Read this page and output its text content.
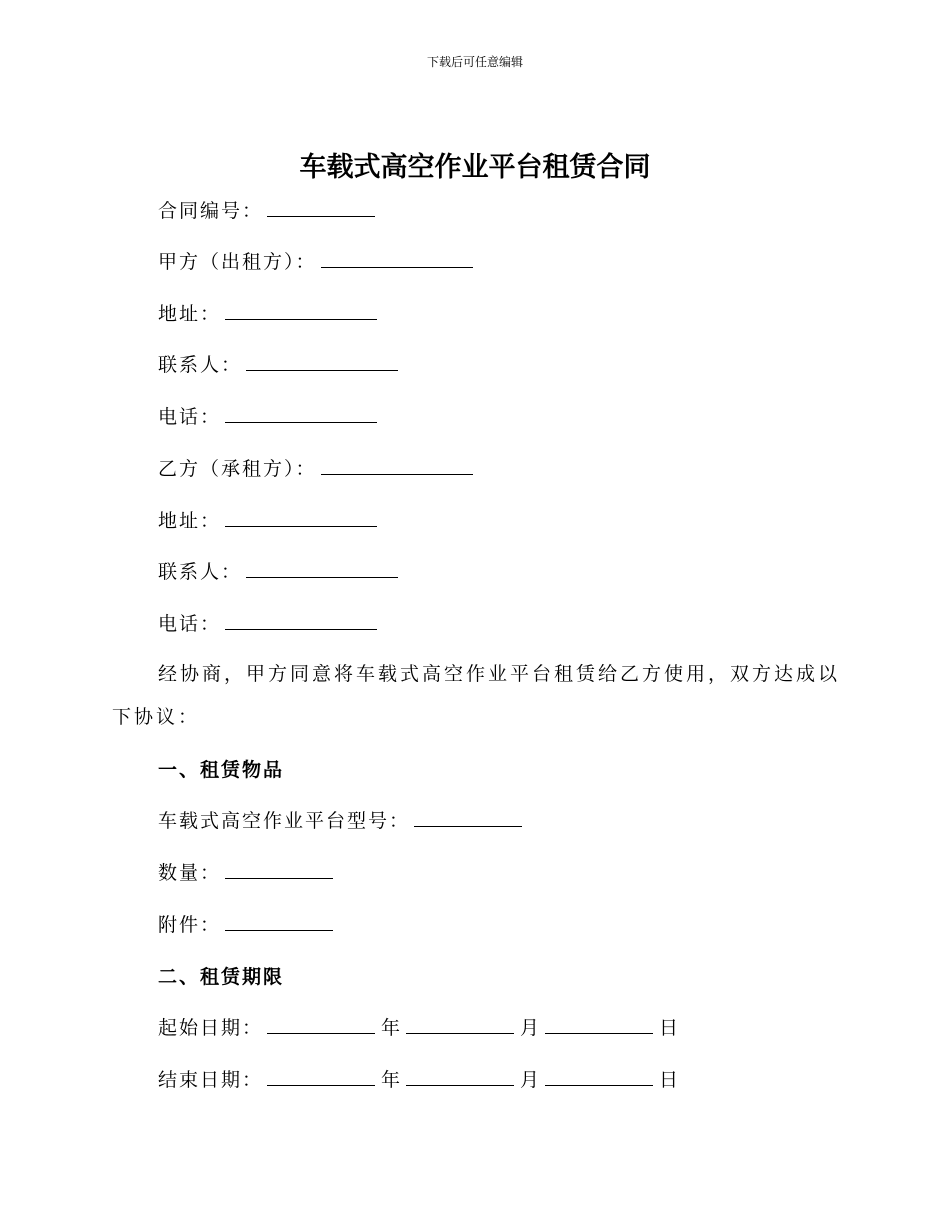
下载后可任意编辑
车载式高空作业平台租赁合同
合同编号：
甲方（出租方）：
地址：
联系人：
电话：
乙方（承租方）：
地址：
联系人：
电话：
经协商，甲方同意将车载式高空作业平台租赁给乙方使用，双方达成以下协议：
一、租赁物品
车载式高空作业平台型号：
数量：
附件：
二、租赁期限
起始日期：	年	月	日
结束日期：	年	月	日
